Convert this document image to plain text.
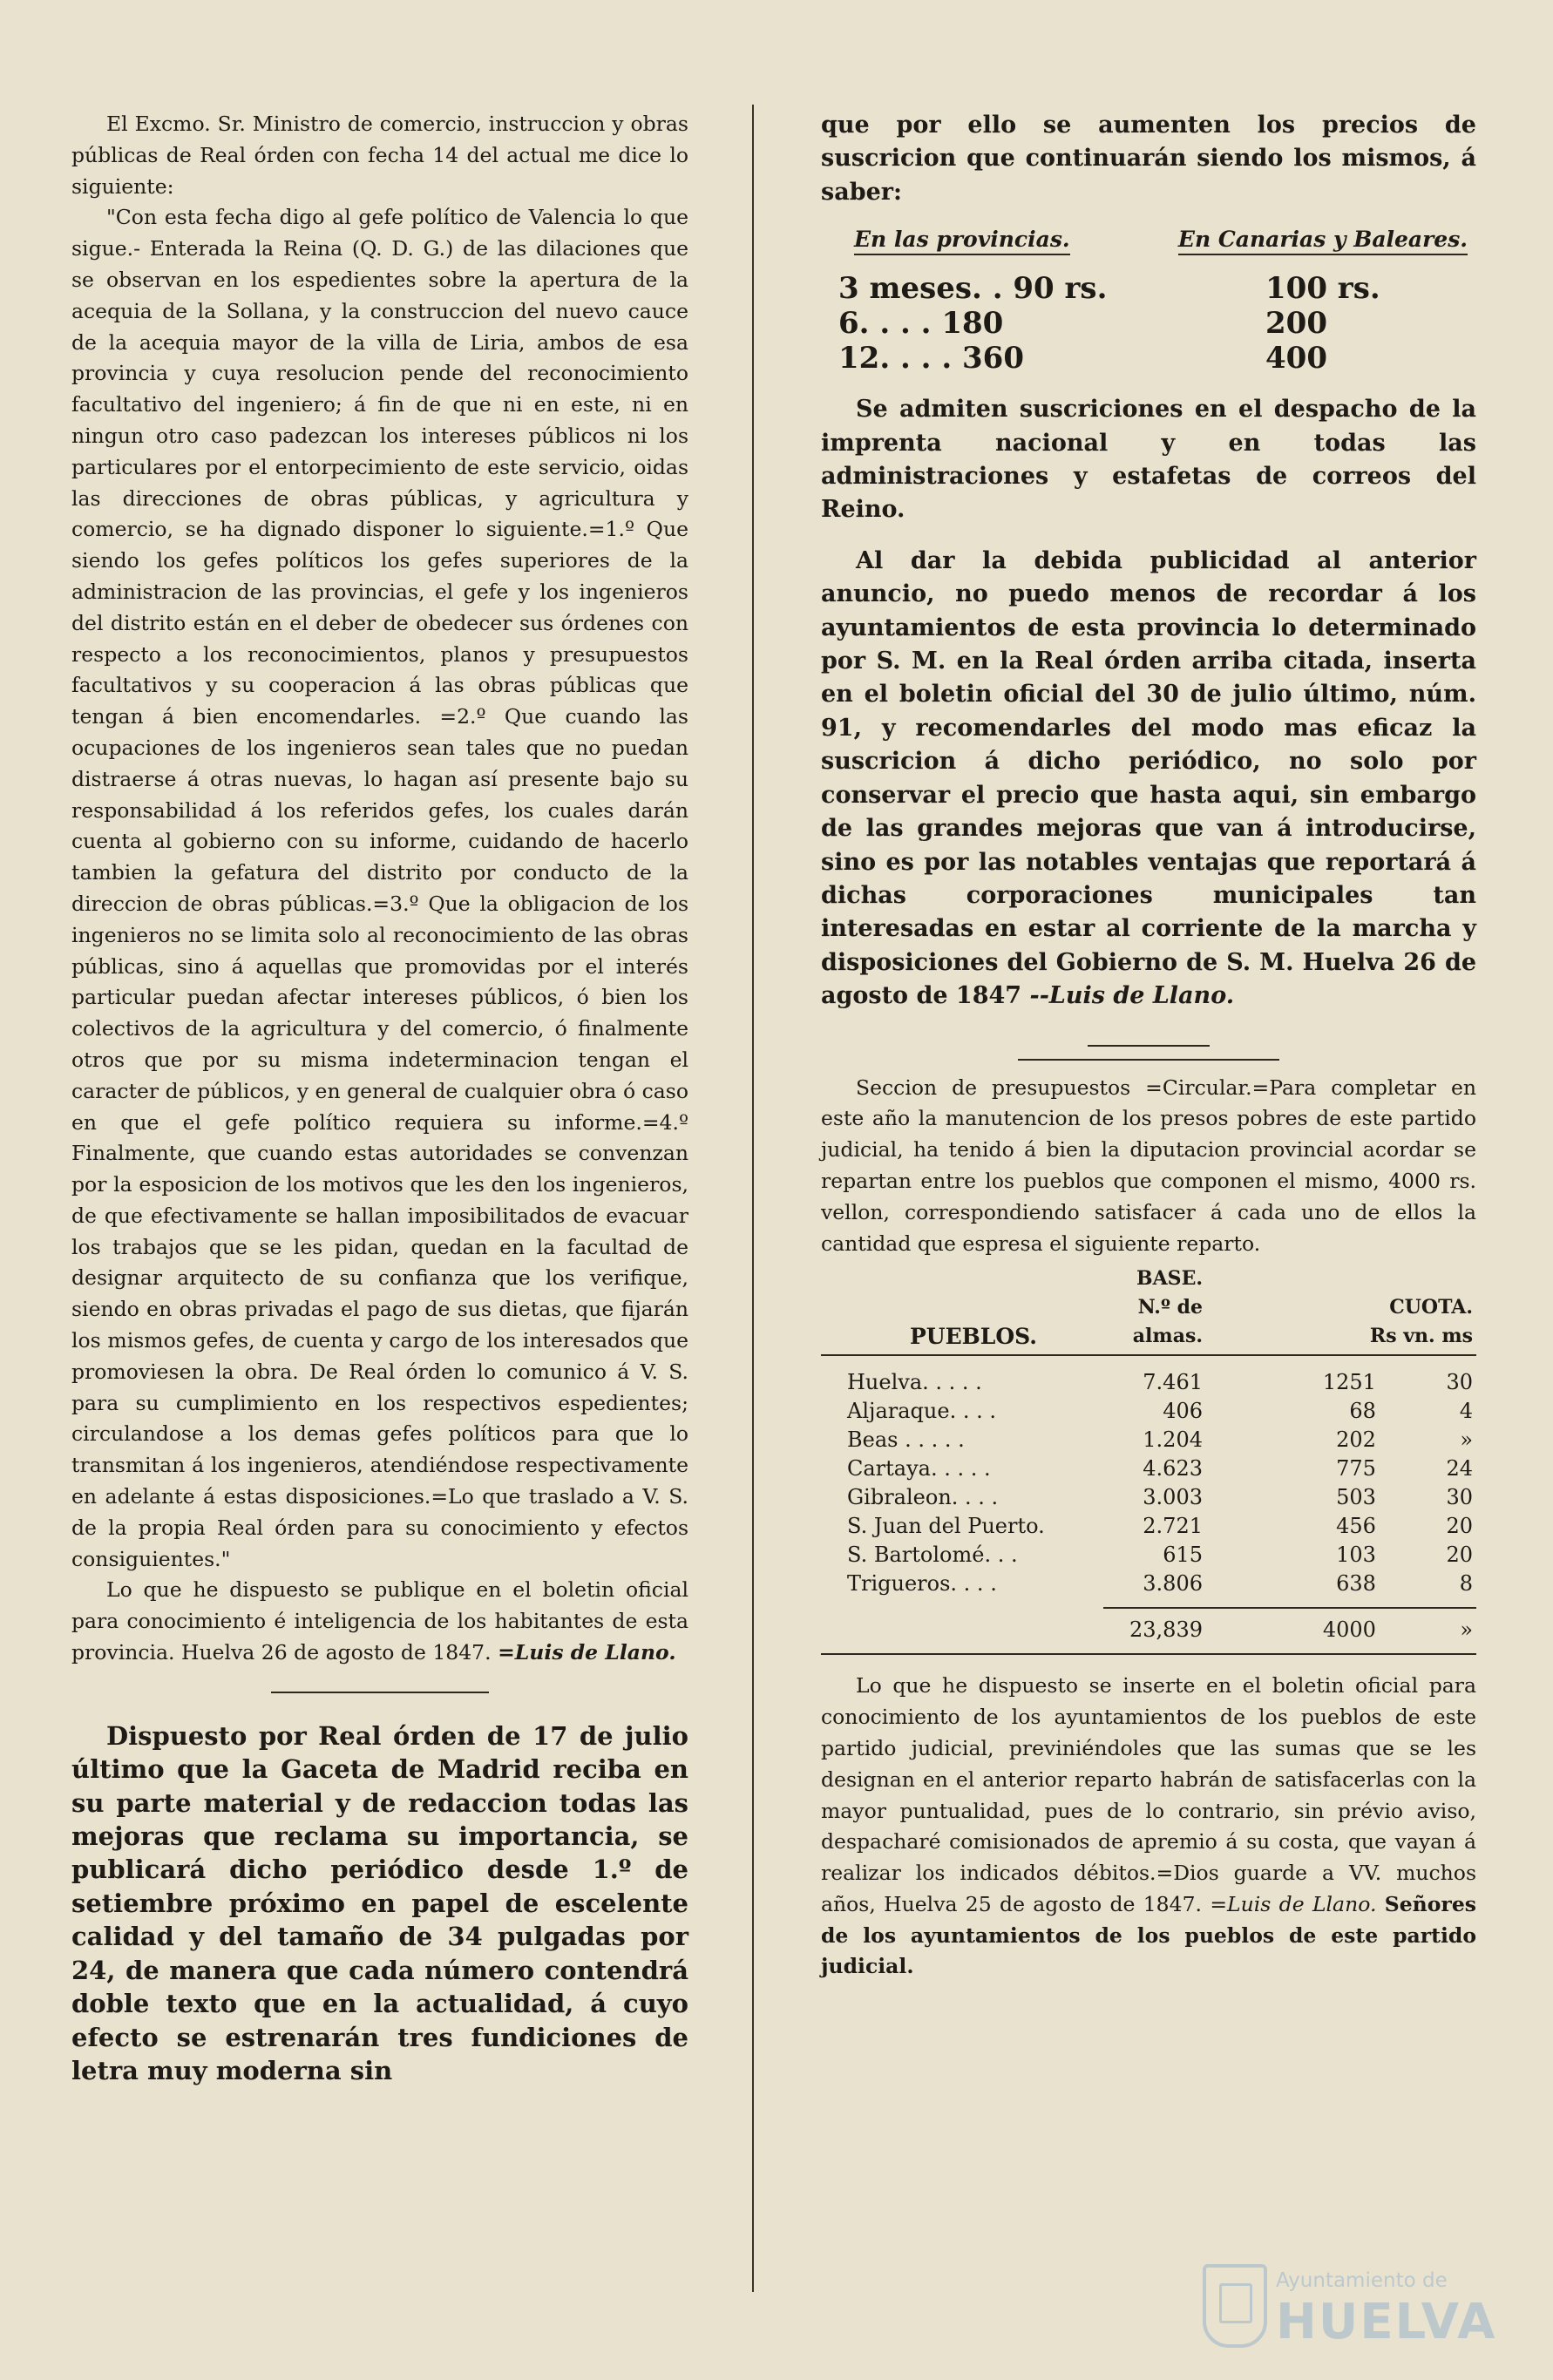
El Excmo. Sr. Ministro de comercio, instruccion y obras públicas de Real órden con fecha 14 del actual me dice lo siguiente:

"Con esta fecha digo al gefe político de Valencia lo que sigue.- Enterada la Reina (Q. D. G.) de las dilaciones que se observan en los espedientes sobre la apertura de la acequia de la Sollana, y la construccion del nuevo cauce de la acequia mayor de la villa de Liria, ambos de esa provincia y cuya resolucion pende del reconocimiento facultativo del ingeniero; á fin de que ni en este, ni en ningun otro caso padezcan los intereses públicos ni los particulares por el entorpecimiento de este servicio, oidas las direcciones de obras públicas, y agricultura y comercio, se ha dignado disponer lo siguiente.=1.º Que siendo los gefes políticos los gefes superiores de la administracion de las provincias, el gefe y los ingenieros del distrito están en el deber de obedecer sus órdenes con respecto a los reconocimientos, planos y presupuestos facultativos y su cooperacion á las obras públicas que tengan á bien encomendarles. =2.º Que cuando las ocupaciones de los ingenieros sean tales que no puedan distraerse á otras nuevas, lo hagan así presente bajo su responsabilidad á los referidos gefes, los cuales darán cuenta al gobierno con su informe, cuidando de hacerlo tambien la gefatura del distrito por conducto de la direccion de obras públicas.=3.º Que la obligacion de los ingenieros no se limita solo al reconocimiento de las obras públicas, sino á aquellas que promovidas por el interés particular puedan afectar intereses públicos, ó bien los colectivos de la agricultura y del comercio, ó finalmente otros que por su misma indeterminacion tengan el caracter de públicos, y en general de cualquier obra ó caso en que el gefe político requiera su informe.=4.º Finalmente, que cuando estas autoridades se convenzan por la esposicion de los motivos que les den los ingenieros, de que efectivamente se hallan imposibilitados de evacuar los trabajos que se les pidan, quedan en la facultad de designar arquitecto de su confianza que los verifique, siendo en obras privadas el pago de sus dietas, que fijarán los mismos gefes, de cuenta y cargo de los interesados que promoviesen la obra. De Real órden lo comunico á V. S. para su cumplimiento en los respectivos espedientes; circulandose a los demas gefes políticos para que lo transmitan á los ingenieros, atendiéndose respectivamente en adelante á estas disposiciones.=Lo que traslado a V. S. de la propia Real órden para su conocimiento y efectos consiguientes."

Lo que he dispuesto se publique en el boletin oficial para conocimiento é inteligencia de los habitantes de esta provincia. Huelva 26 de agosto de 1847. =Luis de Llano.

Dispuesto por Real órden de 17 de julio último que la Gaceta de Madrid reciba en su parte material y de redaccion todas las mejoras que reclama su importancia, se publicará dicho periódico desde 1.º de setiembre próximo en papel de escelente calidad y del tamaño de 34 pulgadas por 24, de manera que cada número contendrá doble texto que en la actualidad, á cuyo efecto se estrenarán tres fundiciones de letra muy moderna sin

que por ello se aumenten los precios de suscricion que continuarán siendo los mismos, á saber:

En las provincias.	En Canarias y Baleares.
3 meses. . 90 rs.	100 rs.
6. . . . 180	200
12. . . . 360	400

Se admiten suscriciones en el despacho de la imprenta nacional y en todas las administraciones y estafetas de correos del Reino.

Al dar la debida publicidad al anterior anuncio, no puedo menos de recordar á los ayuntamientos de esta provincia lo determinado por S. M. en la Real órden arriba citada, inserta en el boletin oficial del 30 de julio último, núm. 91, y recomendarles del modo mas eficaz la suscricion á dicho periódico, no solo por conservar el precio que hasta aqui, sin embargo de las grandes mejoras que van á introducirse, sino es por las notables ventajas que reportará á dichas corporaciones municipales tan interesadas en estar al corriente de la marcha y disposiciones del Gobierno de S. M. Huelva 26 de agosto de 1847 --Luis de Llano.

Seccion de presupuestos =Circular.=Para completar en este año la manutencion de los presos pobres de este partido judicial, ha tenido á bien la diputacion provincial acordar se repartan entre los pueblos que componen el mismo, 4000 rs. vellon, correspondiendo satisfacer á cada uno de ellos la cantidad que espresa el siguiente reparto.

	BASE.		
PUEBLOS.	N.º de almas.	CUOTA.
Rs vn. ms	

Huelva. . . . .	7.461	1251	30
Aljaraque. . . .	406	68	4
Beas . . . . .	1.204	202	»
Cartaya. . . . .	4.623	775	24
Gibraleon. . . .	3.003	503	30
S. Juan del Puerto.	2.721	456	20
S. Bartolomé. . .	615	103	20
Trigueros. . . .	3.806	638	8

	23,839	4000	»

Lo que he dispuesto se inserte en el boletin oficial para conocimiento de los ayuntamientos de los pueblos de este partido judicial, previniéndoles que las sumas que se les designan en el anterior reparto habrán de satisfacerlas con la mayor puntualidad, pues de lo contrario, sin prévio aviso, despacharé comisionados de apremio á su costa, que vayan á realizar los indicados débitos.=Dios guarde a VV. muchos años, Huelva 25 de agosto de 1847. =Luis de Llano. Señores de los ayuntamientos de los pueblos de este partido judicial.

Ayuntamiento de
HUELVA
